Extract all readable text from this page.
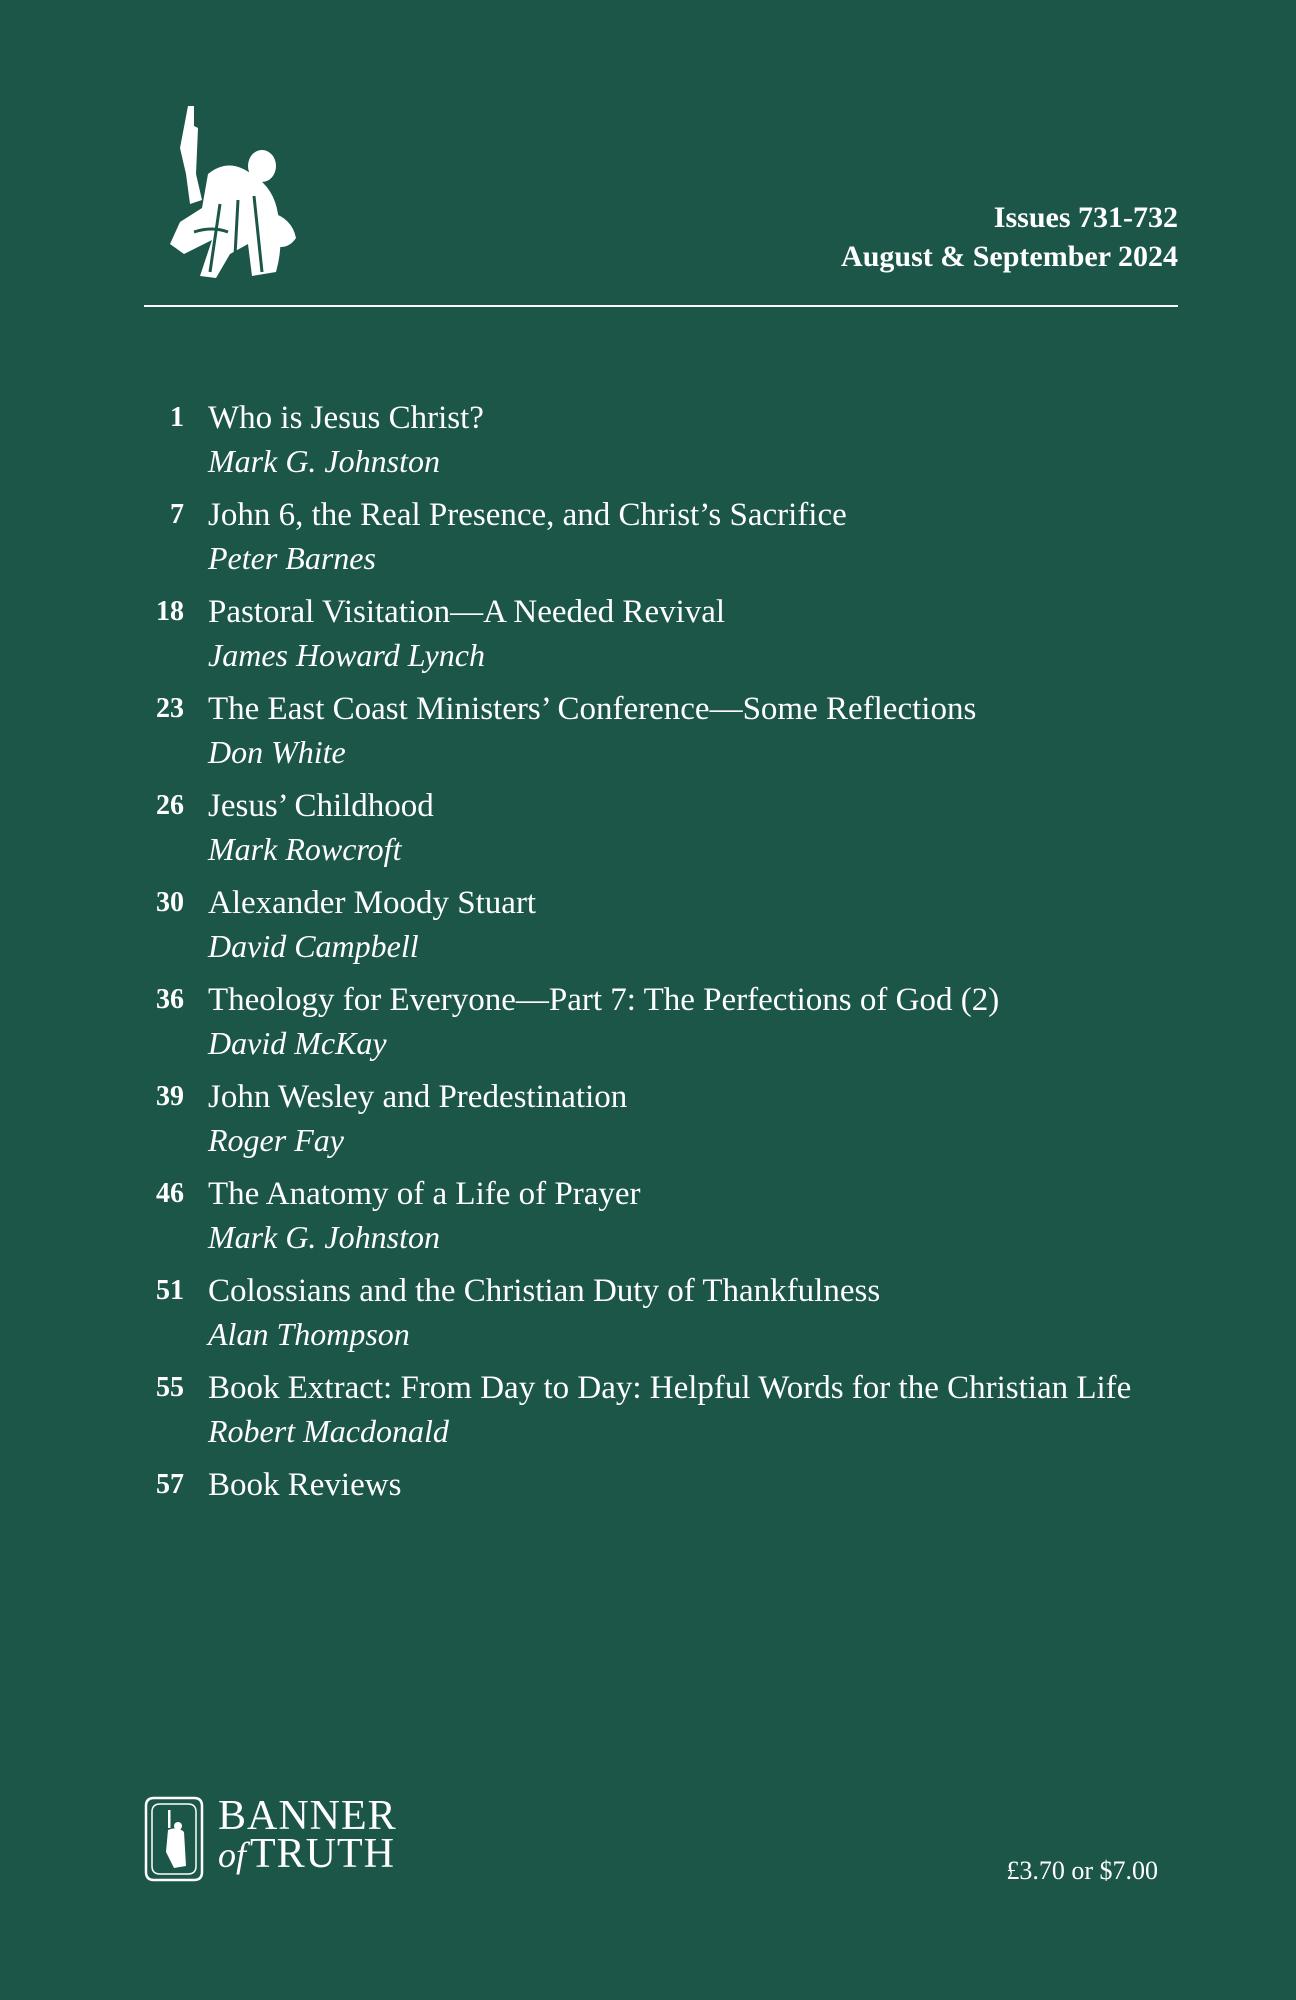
Issues 731-732
August & September 2024
1 Who is Jesus Christ?
Mark G. Johnston
7 John 6, the Real Presence, and Christ’s Sacrifice
Peter Barnes
18 Pastoral Visitation—A Needed Revival
James Howard Lynch
23 The East Coast Ministers’ Conference—Some Reflections
Don White
26 Jesus’ Childhood
Mark Rowcroft
30 Alexander Moody Stuart
David Campbell
36 Theology for Everyone—Part 7: The Perfections of God (2)
David McKay
39 John Wesley and Predestination
Roger Fay
46 The Anatomy of a Life of Prayer
Mark G. Johnston
51 Colossians and the Christian Duty of Thankfulness
Alan Thompson
55 Book Extract: From Day to Day: Helpful Words for the Christian Life
Robert Macdonald
57 Book Reviews
BANNER
of TRUTH	£3.70 or $7.00
